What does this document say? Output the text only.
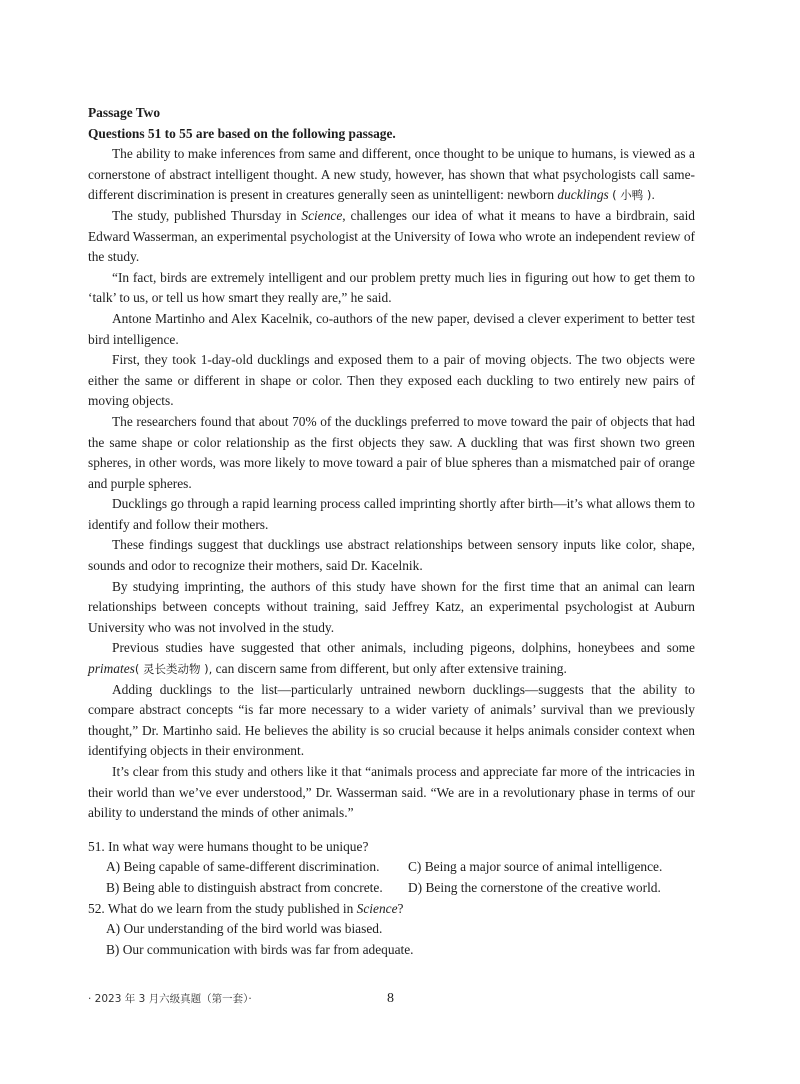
Passage Two

Questions 51 to 55 are based on the following passage.

The ability to make inferences from same and different, once thought to be unique to humans, is viewed as a cornerstone of abstract intelligent thought. A new study, however, has shown that what psychologists call same-different discrimination is present in creatures generally seen as unintelligent: newborn ducklings ( 小鸭 ).

The study, published Thursday in Science, challenges our idea of what it means to have a birdbrain, said Edward Wasserman, an experimental psychologist at the University of Iowa who wrote an independent review of the study.

“In fact, birds are extremely intelligent and our problem pretty much lies in figuring out how to get them to ‘talk’ to us, or tell us how smart they really are,” he said.

Antone Martinho and Alex Kacelnik, co-authors of the new paper, devised a clever experiment to better test bird intelligence.

First, they took 1-day-old ducklings and exposed them to a pair of moving objects. The two objects were either the same or different in shape or color. Then they exposed each duckling to two entirely new pairs of moving objects.

The researchers found that about 70% of the ducklings preferred to move toward the pair of objects that had the same shape or color relationship as the first objects they saw. A duckling that was first shown two green spheres, in other words, was more likely to move toward a pair of blue spheres than a mismatched pair of orange and purple spheres.

Ducklings go through a rapid learning process called imprinting shortly after birth—it’s what allows them to identify and follow their mothers.

These findings suggest that ducklings use abstract relationships between sensory inputs like color, shape, sounds and odor to recognize their mothers, said Dr. Kacelnik.

By studying imprinting, the authors of this study have shown for the first time that an animal can learn relationships between concepts without training, said Jeffrey Katz, an experimental psychologist at Auburn University who was not involved in the study.

Previous studies have suggested that other animals, including pigeons, dolphins, honeybees and some primates( 灵长类动物 ), can discern same from different, but only after extensive training.

Adding ducklings to the list—particularly untrained newborn ducklings—suggests that the ability to compare abstract concepts “is far more necessary to a wider variety of animals’ survival than we previously thought,” Dr. Martinho said. He believes the ability is so crucial because it helps animals consider context when identifying objects in their environment.

It’s clear from this study and others like it that “animals process and appreciate far more of the intricacies in their world than we’ve ever understood,” Dr. Wasserman said. “We are in a revolutionary phase in terms of our ability to understand the minds of other animals.”

51. In what way were humans thought to be unique?

A) Being capable of same-different discrimination.	C) Being a major source of animal intelligence.

B) Being able to distinguish abstract from concrete.	D) Being the cornerstone of the creative world.

52. What do we learn from the study published in Science?

A) Our understanding of the bird world was biased.

B) Our communication with birds was far from adequate.

· 2023 年 3 月六级真题（第一套）·	8
